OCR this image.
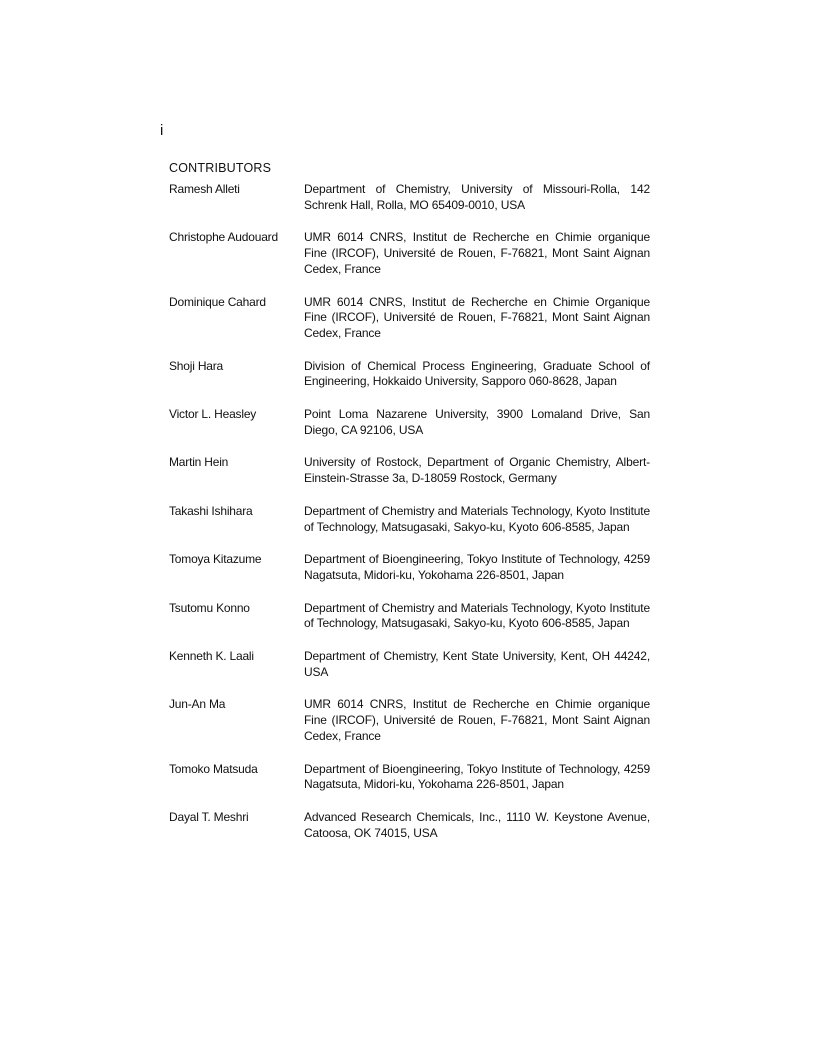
i
CONTRIBUTORS
Ramesh Alleti	Department of Chemistry, University of Missouri-Rolla, 142 Schrenk Hall, Rolla, MO 65409-0010, USA
Christophe Audouard	UMR 6014 CNRS, Institut de Recherche en Chimie organique Fine (IRCOF), Université de Rouen, F-76821, Mont Saint Aignan Cedex, France
Dominique Cahard	UMR 6014 CNRS, Institut de Recherche en Chimie Organique Fine (IRCOF), Université de Rouen, F-76821, Mont Saint Aignan Cedex, France
Shoji Hara	Division of Chemical Process Engineering, Graduate School of Engineering, Hokkaido University, Sapporo 060-8628, Japan
Victor L. Heasley	Point Loma Nazarene University, 3900 Lomaland Drive, San Diego, CA 92106, USA
Martin Hein	University of Rostock, Department of Organic Chemistry, Albert-Einstein-Strasse 3a, D-18059 Rostock, Germany
Takashi Ishihara	Department of Chemistry and Materials Technology, Kyoto Institute of Technology, Matsugasaki, Sakyo-ku, Kyoto 606-8585, Japan
Tomoya Kitazume	Department of Bioengineering, Tokyo Institute of Technology, 4259 Nagatsuta, Midori-ku, Yokohama 226-8501, Japan
Tsutomu Konno	Department of Chemistry and Materials Technology, Kyoto Institute of Technology, Matsugasaki, Sakyo-ku, Kyoto 606-8585, Japan
Kenneth K. Laali	Department of Chemistry, Kent State University, Kent, OH 44242, USA
Jun-An Ma	UMR 6014 CNRS, Institut de Recherche en Chimie organique Fine (IRCOF), Université de Rouen, F-76821, Mont Saint Aignan Cedex, France
Tomoko Matsuda	Department of Bioengineering, Tokyo Institute of Technology, 4259 Nagatsuta, Midori-ku, Yokohama 226-8501, Japan
Dayal T. Meshri	Advanced Research Chemicals, Inc., 1110 W. Keystone Avenue, Catoosa, OK 74015, USA
